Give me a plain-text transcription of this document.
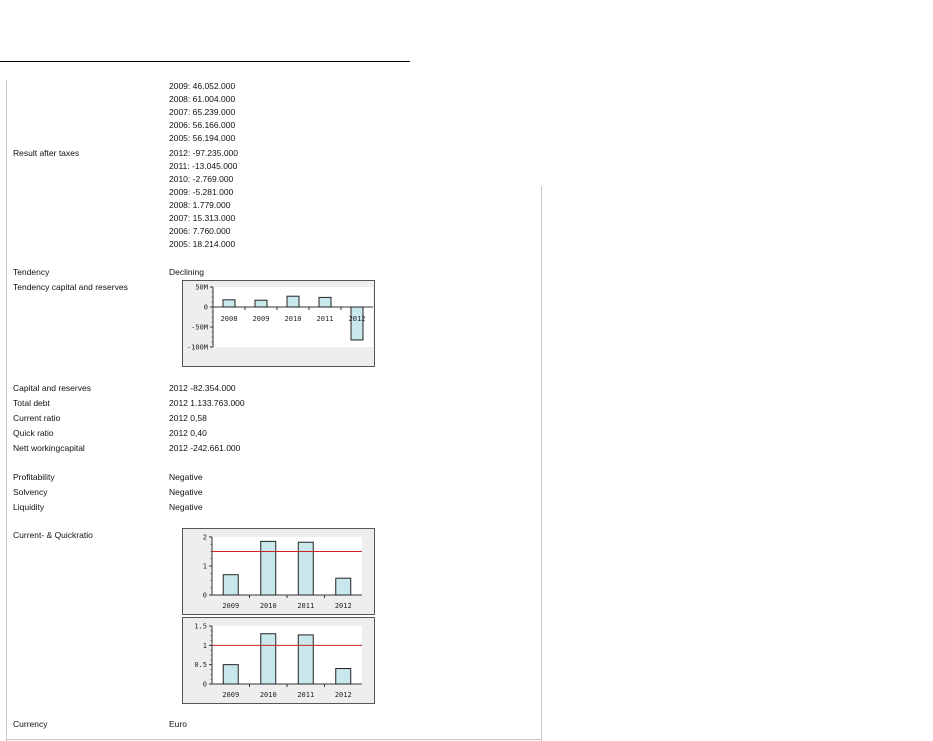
2009: 46.052.000
2008: 61.004.000
2007: 65.239.000
2006: 56.166.000
2005: 56.194.000
Result after taxes	2012: -97.235.000
2011: -13.045.000
2010: -2.769.000
2009: -5.281.000
2008: 1.779.000
2007: 15.313.000
2006: 7.760.000
2005: 18.214.000
Tendency	Declining
Tendency capital and reserves	50M
0
-50M
-100M
2008 2009 2010 2011 2012
Capital and reserves	2012 -82.354.000
Total debt	2012 1.133.763.000
Current ratio	2012 0,58
Quick ratio	2012 0,40
Nett workingcapital	2012 -242.661.000
Profitability	Negative
Solvency	Negative
Liquidity	Negative
Current- & Quickratio
0
1
2
2009	2010	2011	2012
0
0.5
1
1.5
2009	2010	2011	2012
Currency	Euro
